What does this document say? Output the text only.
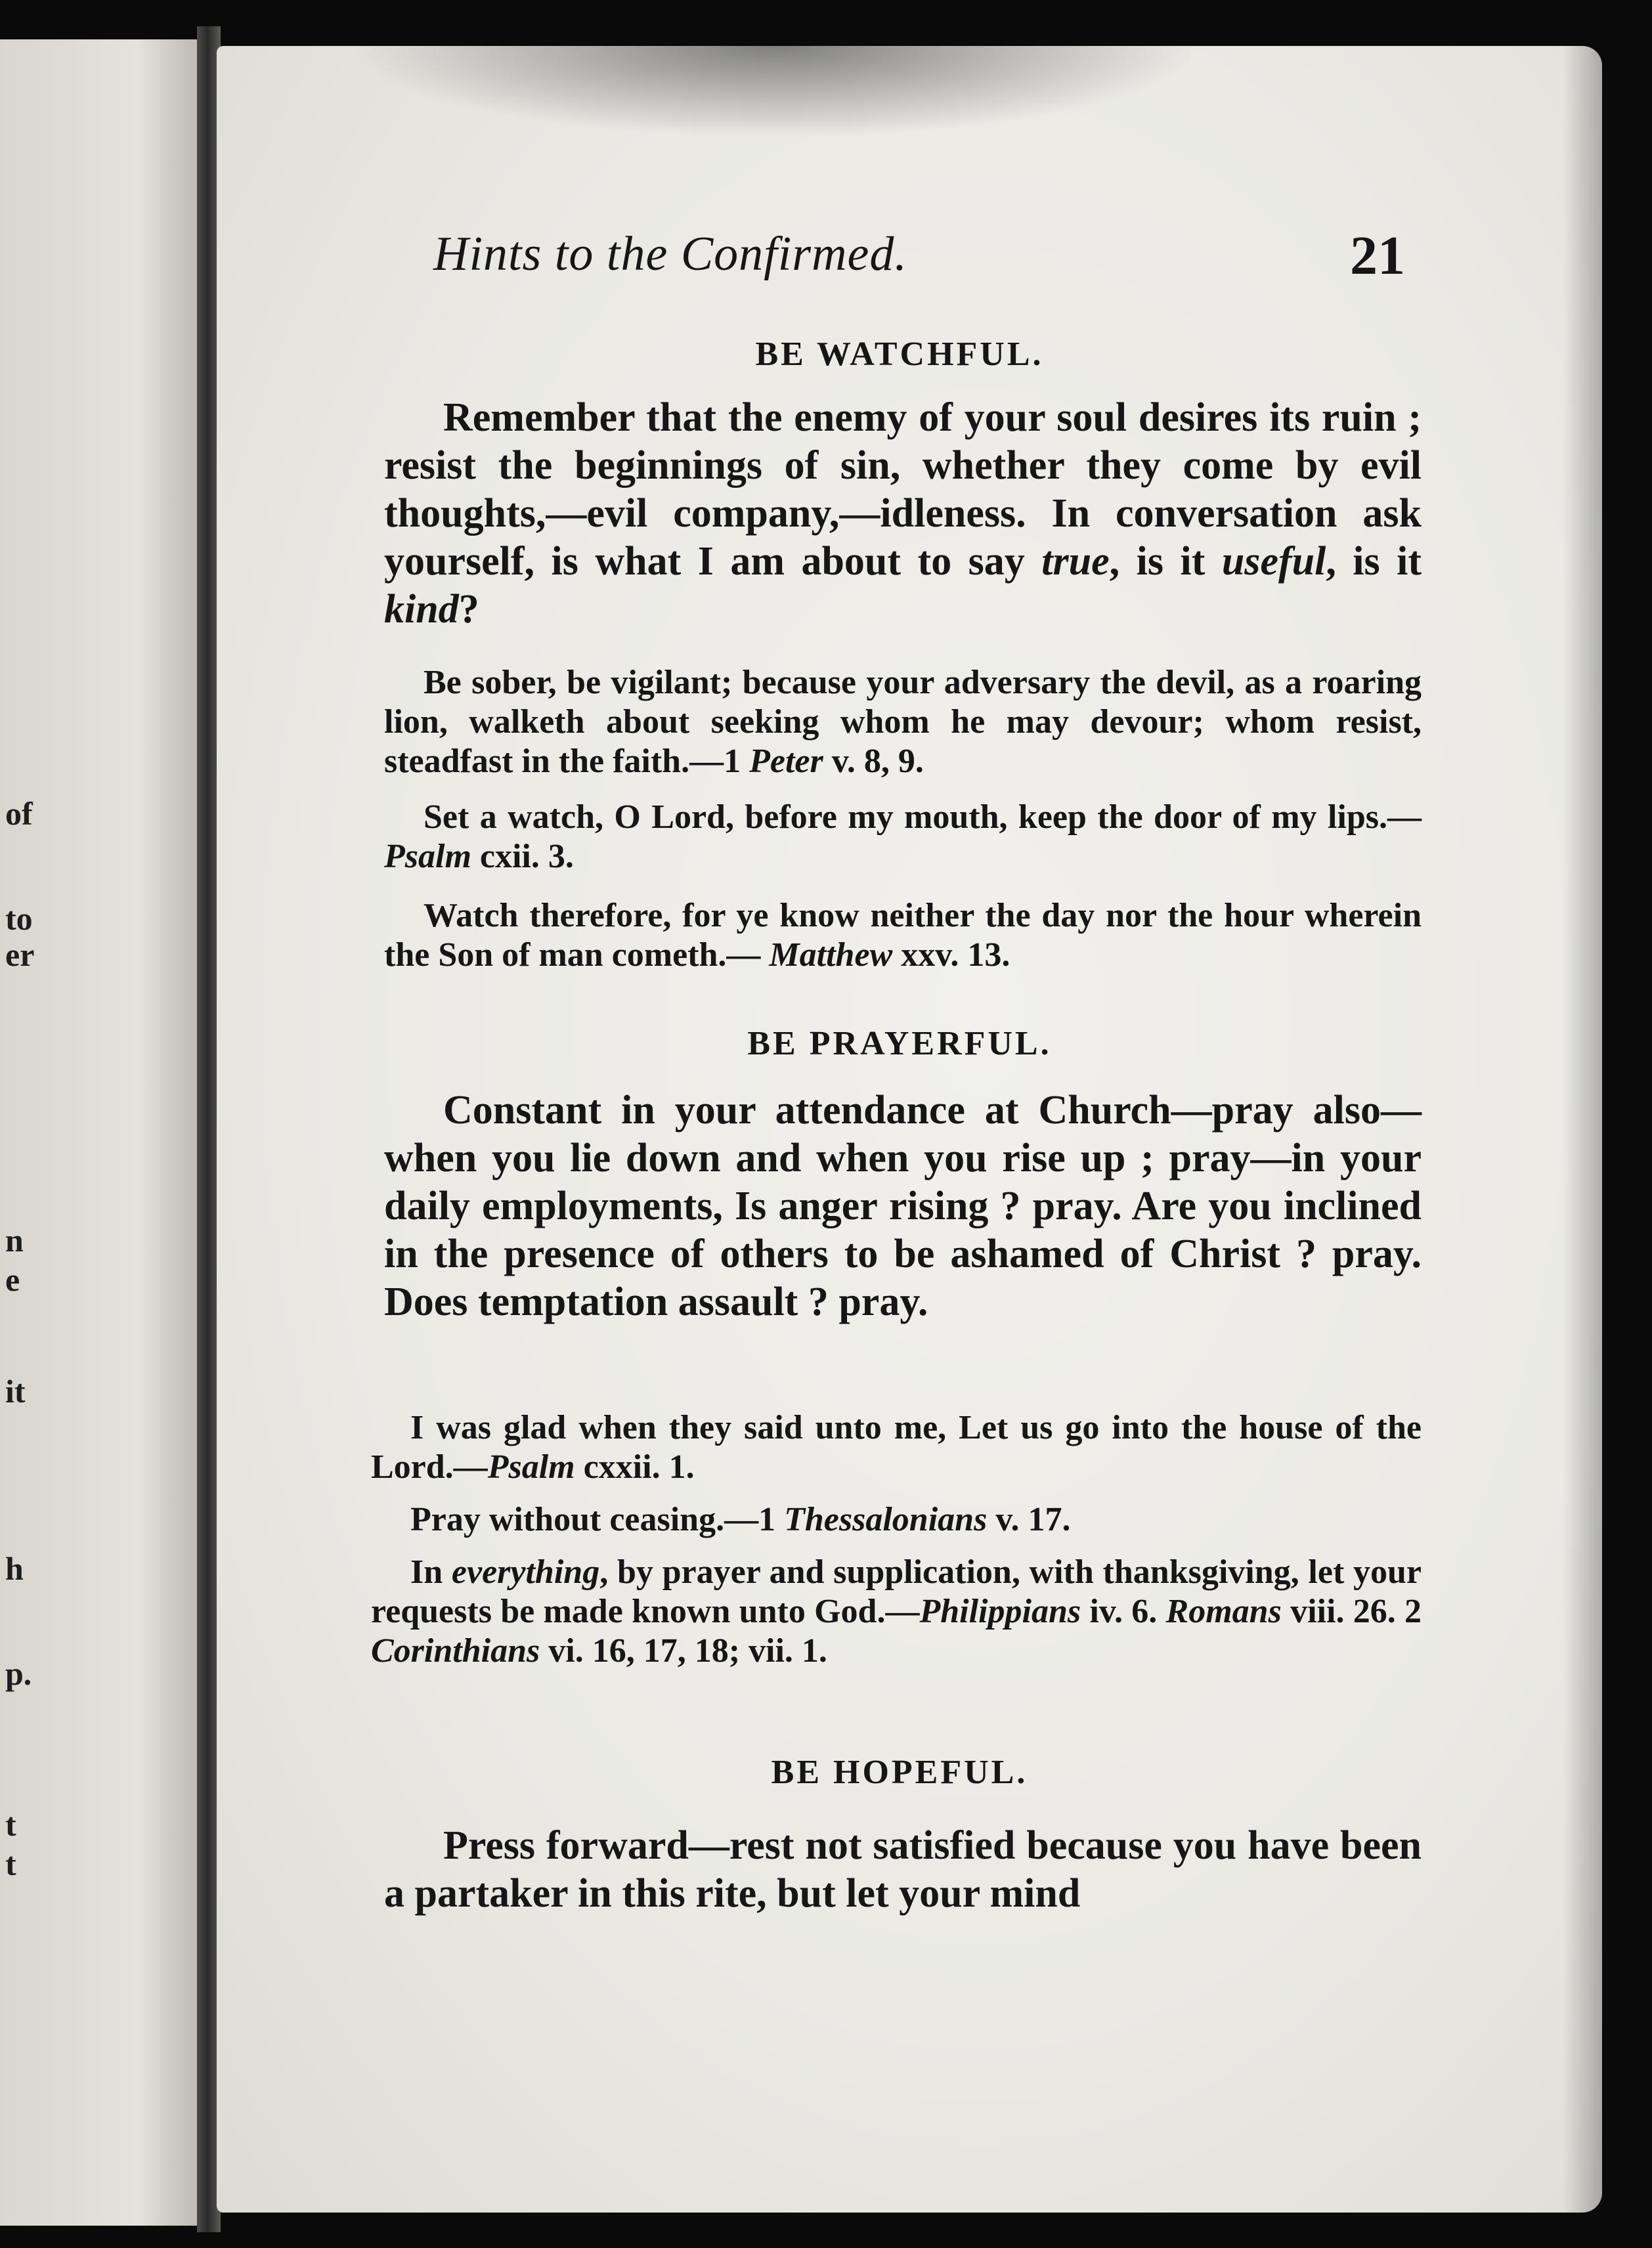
of
to
er
n
e
it
h
p.
t
t
Hints to the Confirmed.	21
BE WATCHFUL.

Remember that the enemy of your soul desires its ruin ; resist the beginnings of sin, whether they come by evil thoughts,—evil company,—idleness. In conversation ask yourself, is what I am about to say true, is it useful, is it kind?

Be sober, be vigilant; because your adversary the devil, as a roaring lion, walketh about seeking whom he may devour; whom resist, steadfast in the faith.—1 Peter v. 8, 9.

Set a watch, O Lord, before my mouth, keep the door of my lips.—Psalm cxii. 3.

Watch therefore, for ye know neither the day nor the hour wherein the Son of man cometh.— Matthew xxv. 13.

BE PRAYERFUL.

Constant in your attendance at Church—pray also—when you lie down and when you rise up ; pray—in your daily employments, Is anger rising ? pray. Are you inclined in the presence of others to be ashamed of Christ ? pray. Does temptation assault ? pray.

I was glad when they said unto me, Let us go into the house of the Lord.—Psalm cxxii. 1.

Pray without ceasing.—1 Thessalonians v. 17.

In everything, by prayer and supplication, with thanksgiving, let your requests be made known unto God.—Philippians iv. 6. Romans viii. 26. 2 Corinthians vi. 16, 17, 18; vii. 1.

BE HOPEFUL.

Press forward—rest not satisfied because you have been a partaker in this rite, but let your mind
